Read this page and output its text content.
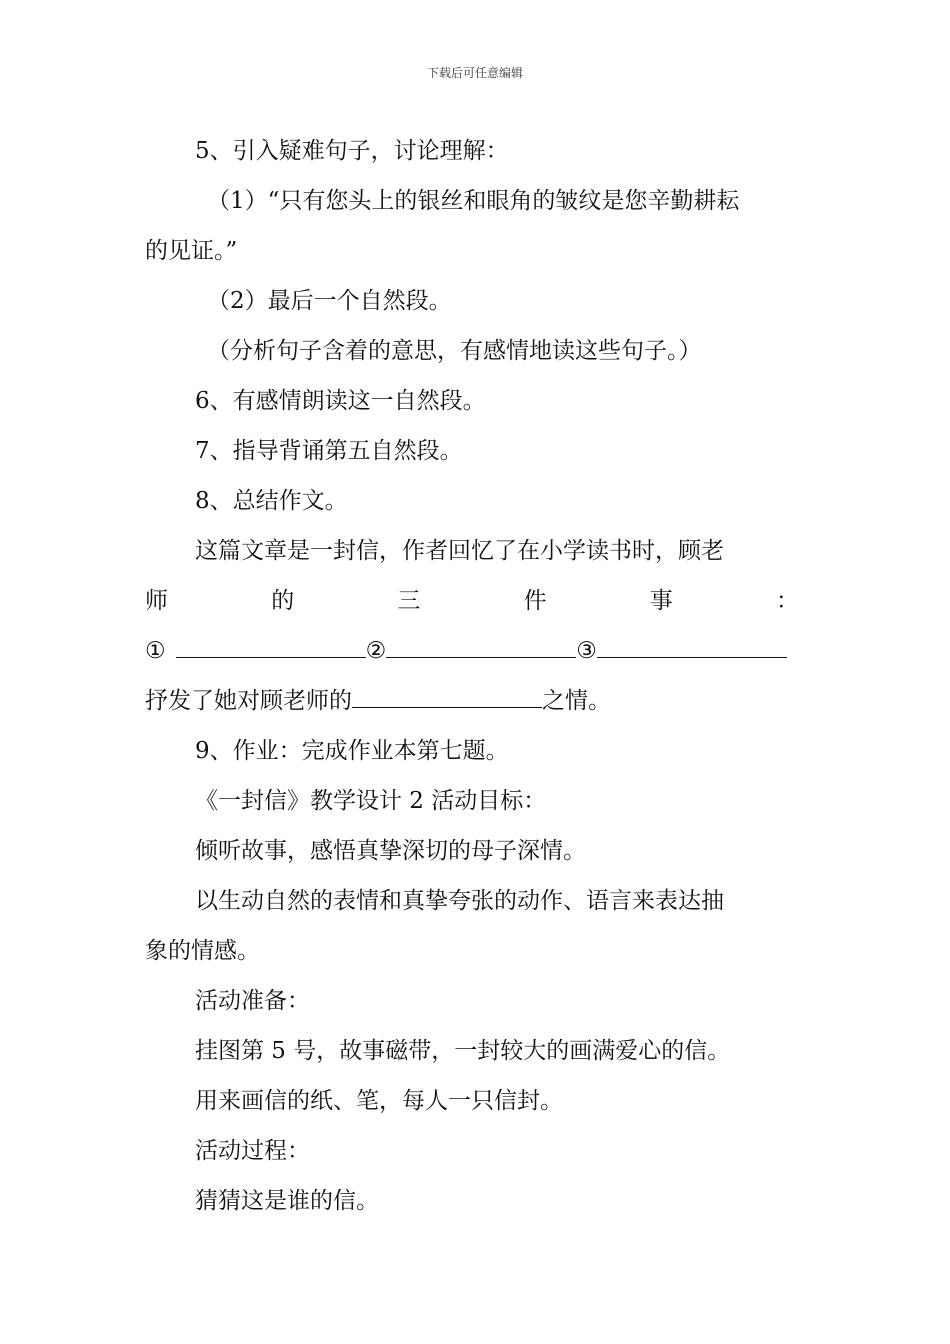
下载后可任意编辑

5、引入疑难句子，讨论理解：

（1）“只有您头上的银丝和眼角的皱纹是您辛勤耕耘

的见证。”

（2）最后一个自然段。

（分析句子含着的意思，有感情地读这些句子。）

6、有感情朗读这一自然段。

7、指导背诵第五自然段。

8、总结作文。

这篇文章是一封信，作者回忆了在小学读书时，顾老

师	的	三	件	事	：
①	②	③
抒发了她对顾老师的	之情。

9、作业：完成作业本第七题。

《一封信》教学设计 2 活动目标：

倾听故事，感悟真挚深切的母子深情。

以生动自然的表情和真挚夸张的动作、语言来表达抽

象的情感。

活动准备：

挂图第 5 号，故事磁带，一封较大的画满爱心的信。

用来画信的纸、笔，每人一只信封。

活动过程：

猜猜这是谁的信。
